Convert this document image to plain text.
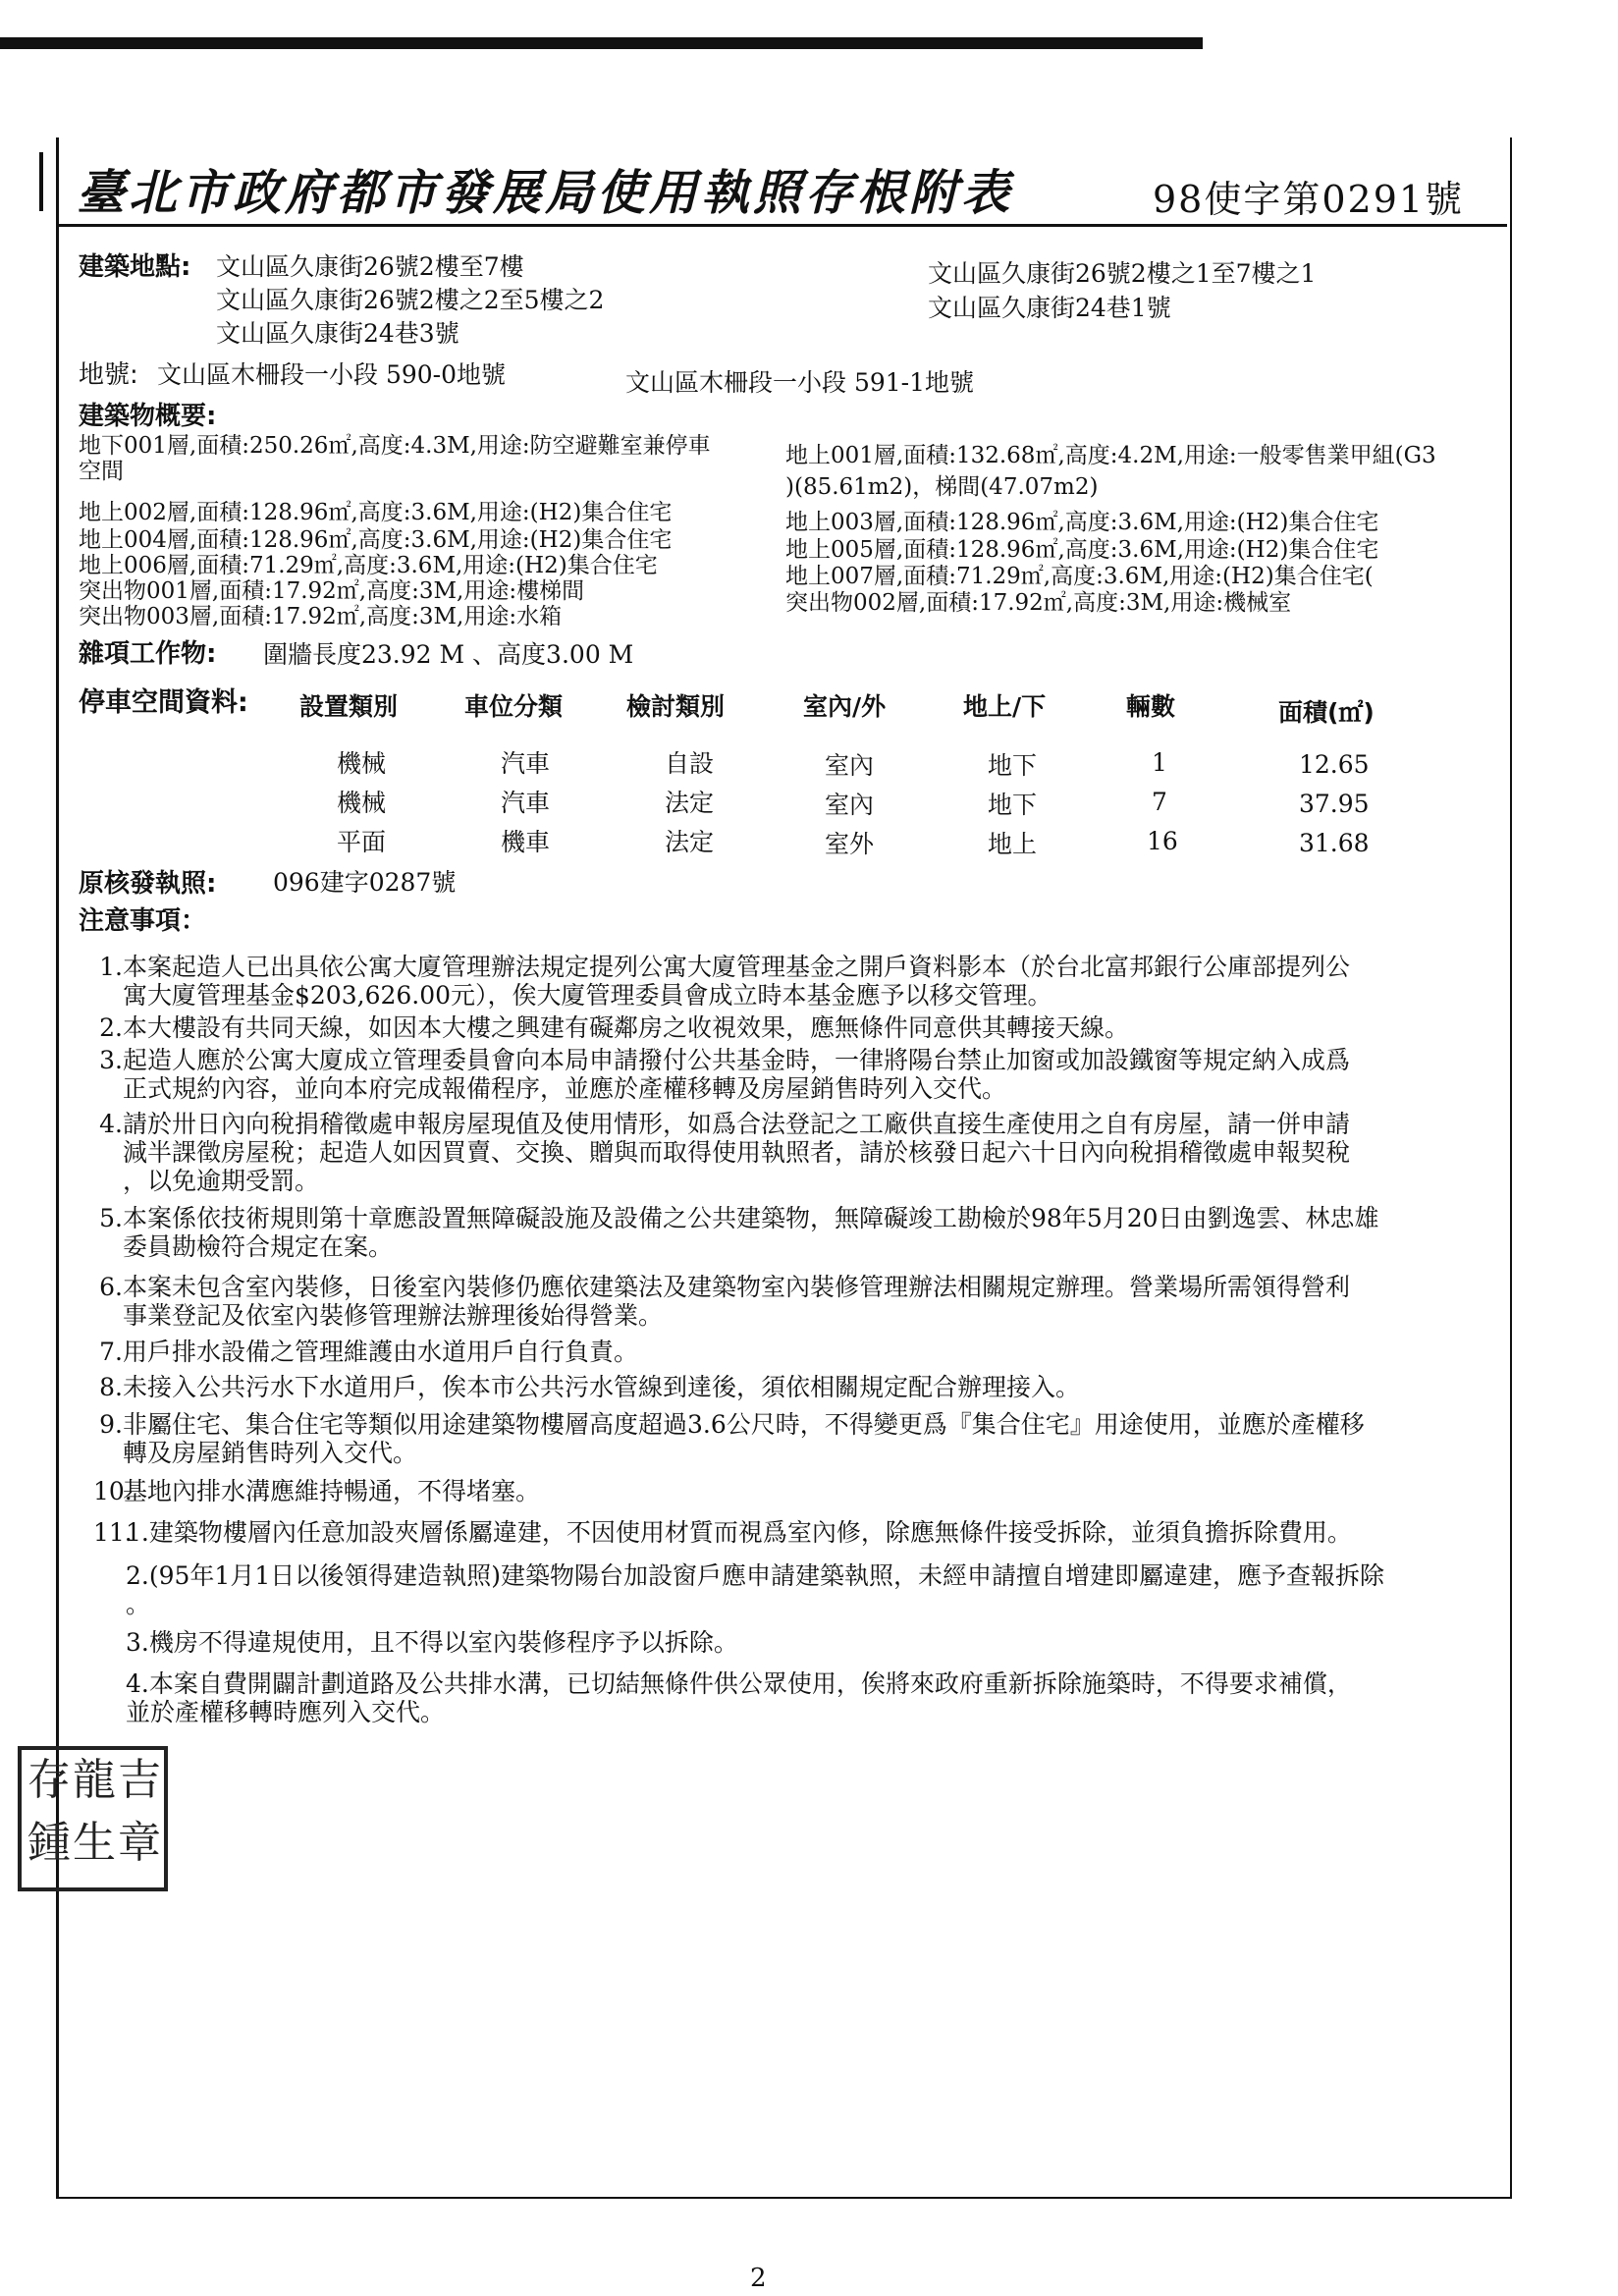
臺北市政府都市發展局使用執照存根附表	98使字第0291號
建築地點: 文山區久康街26號2樓至7樓
文山區久康街26號2樓之2至5樓之2
文山區久康街24巷3號
文山區久康街26號2樓之1至7樓之1
文山區久康街24巷1號
地號: 文山區木柵段一小段 590-0地號	文山區木柵段一小段 591-1地號
建築物概要:
地下001層,面積:250.26㎡,高度:4.3M,用途:防空避難室兼停車
空間
地上002層,面積:128.96㎡,高度:3.6M,用途:(H2)集合住宅
地上004層,面積:128.96㎡,高度:3.6M,用途:(H2)集合住宅
地上006層,面積:71.29㎡,高度:3.6M,用途:(H2)集合住宅
突出物001層,面積:17.92㎡,高度:3M,用途:樓梯間
突出物003層,面積:17.92㎡,高度:3M,用途:水箱
地上001層,面積:132.68㎡,高度:4.2M,用途:一般零售業甲組(G3
)(85.61m2)，梯間(47.07m2)
地上003層,面積:128.96㎡,高度:3.6M,用途:(H2)集合住宅
地上005層,面積:128.96㎡,高度:3.6M,用途:(H2)集合住宅
地上007層,面積:71.29㎡,高度:3.6M,用途:(H2)集合住宅(
突出物002層,面積:17.92㎡,高度:3M,用途:機械室
雜項工作物: 圍牆長度23.92 M 、高度3.00 M
停車空間資料: 設置類別	車位分類	檢討類別	室內/外	地上/下	輛數	面積(㎡)
機械	汽車	自設	室內	地下	1	12.65
機械	汽車	法定	室內	地下	7	37.95
平面	機車	法定	室外	地上	16	31.68
原核發執照: 096建字0287號
注意事項：
1. 本案起造人已出具依公寓大廈管理辦法規定提列公寓大廈管理基金之開戶資料影本（於台北富邦銀行公庫部提列公
寓大廈管理基金$203,626.00元），俟大廈管理委員會成立時本基金應予以移交管理。
2. 本大樓設有共同天線，如因本大樓之興建有礙鄰房之收視效果，應無條件同意供其轉接天線。
3. 起造人應於公寓大廈成立管理委員會向本局申請撥付公共基金時，一律將陽台禁止加窗或加設鐵窗等規定納入成爲
正式規約內容，並向本府完成報備程序，並應於產權移轉及房屋銷售時列入交代。
4. 請於卅日內向稅捐稽徵處申報房屋現值及使用情形，如爲合法登記之工廠供直接生產使用之自有房屋，請一併申請
減半課徵房屋稅；起造人如因買賣、交換、贈與而取得使用執照者，請於核發日起六十日內向稅捐稽徵處申報契稅
，以免逾期受罰。
5. 本案係依技術規則第十章應設置無障礙設施及設備之公共建築物，無障礙竣工勘檢於98年5月20日由劉逸雲、林忠雄
委員勘檢符合規定在案。
6. 本案未包含室內裝修，日後室內裝修仍應依建築法及建築物室內裝修管理辦法相關規定辦理。營業場所需領得營利
事業登記及依室內裝修管理辦法辦理後始得營業。
7. 用戶排水設備之管理維護由水道用戶自行負責。
8. 未接入公共污水下水道用戶，俟本市公共污水管線到達後，須依相關規定配合辦理接入。
9. 非屬住宅、集合住宅等類似用途建築物樓層高度超過3.6公尺時，不得變更爲『集合住宅』用途使用，並應於產權移
轉及房屋銷售時列入交代。
10.
基地內排水溝應維持暢通，不得堵塞。
11.
1.建築物樓層內任意加設夾層係屬違建，不因使用材質而視爲室內修，除應無條件接受拆除，並須負擔拆除費用。
2.(95年1月1日以後領得建造執照)建築物陽台加設窗戶應申請建築執照，未經申請擅自增建即屬違建，應予查報拆除
。
3.機房不得違規使用，且不得以室內裝修程序予以拆除。
4.本案自費開闢計劃道路及公共排水溝，已切結無條件供公眾使用，俟將來政府重新拆除施築時，不得要求補償，
並於產權移轉時應列入交代。
吉
龍
存
章
生
鍾
2
